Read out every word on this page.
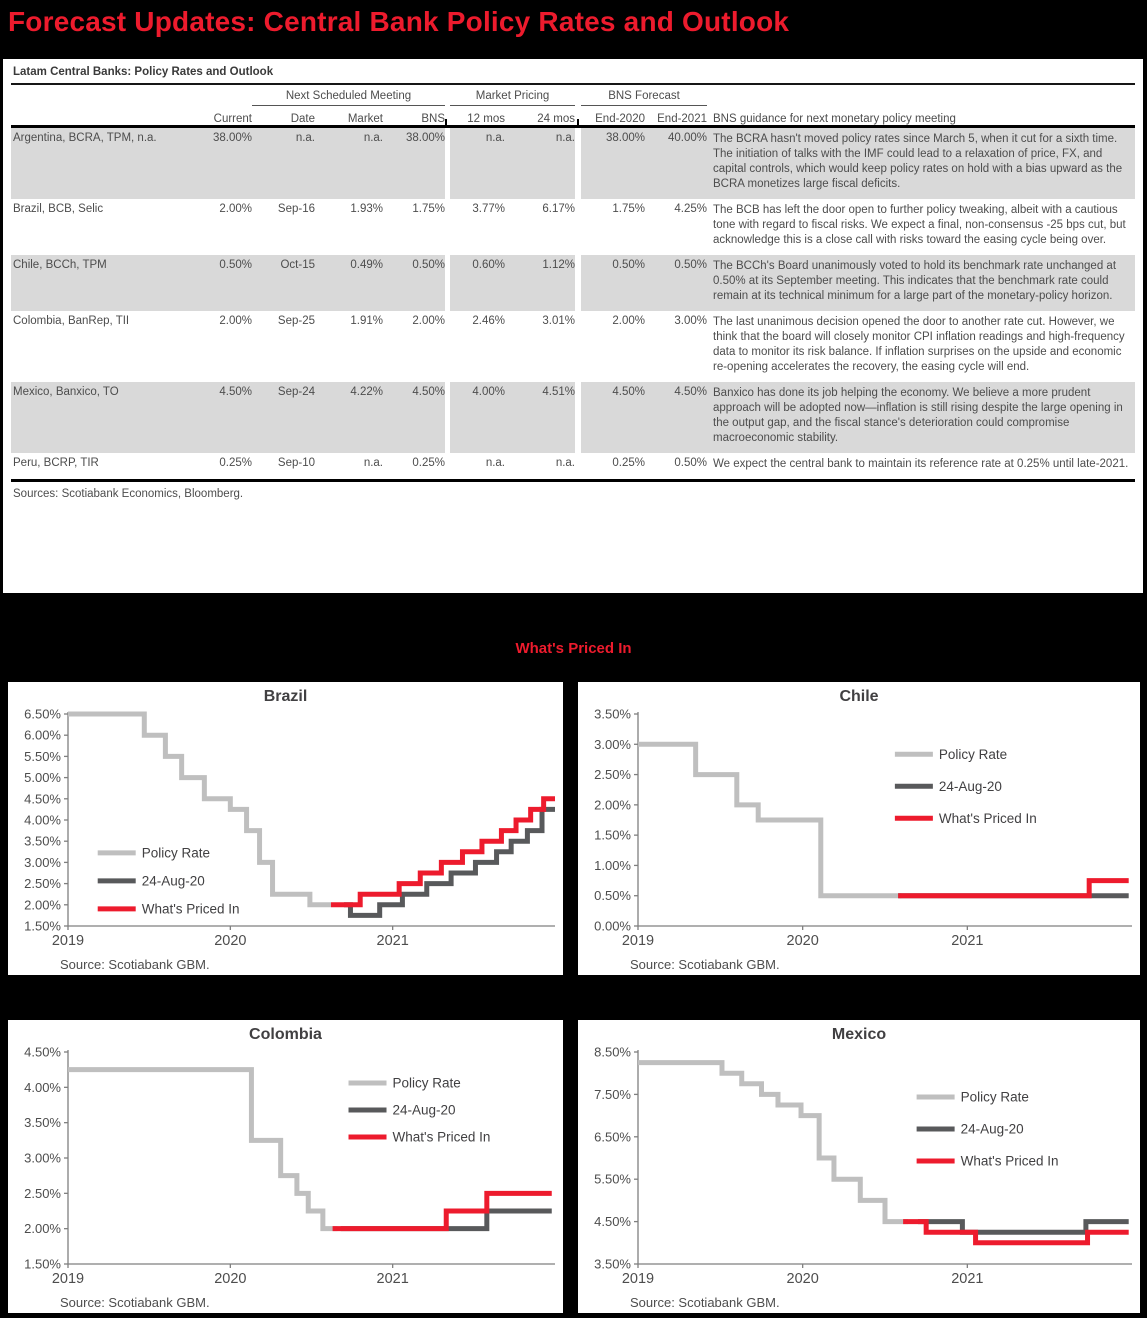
Forecast Updates: Central Bank Policy Rates and Outlook
Latam Central Banks: Policy Rates and Outlook
Next Scheduled Meeting	Market Pricing	BNS Forecast
Current	Date	Market	BNS	12 mos	24 mos	End-2020	End-2021 BNS guidance for next monetary policy meeting
Argentina, BCRA, TPM, n.a.	38.00%	n.a.	n.a.	38.00%	n.a.	n.a.	38.00%	40.00% The BCRA hasn't moved policy rates since March 5, when it cut for a sixth time. The initiation of talks with the IMF could lead to a relaxation of price, FX, and capital controls, which would keep policy rates on hold with a bias upward as the BCRA monetizes large fiscal deficits.
Brazil, BCB, Selic	2.00%	Sep-16	1.93%	1.75%	3.77%	6.17%	1.75%	4.25% The BCB has left the door open to further policy tweaking, albeit with a cautious tone with regard to fiscal risks. We expect a final, non-consensus -25 bps cut, but acknowledge this is a close call with risks toward the easing cycle being over.
Chile, BCCh, TPM	0.50%	Oct-15	0.49%	0.50%	0.60%	1.12%	0.50%	0.50% The BCCh's Board unanimously voted to hold its benchmark rate unchanged at 0.50% at its September meeting. This indicates that the benchmark rate could remain at its technical minimum for a large part of the monetary-policy horizon.
Colombia, BanRep, TII	2.00%	Sep-25	1.91%	2.00%	2.46%	3.01%	2.00%	3.00% The last unanimous decision opened the door to another rate cut. However, we think that the board will closely monitor CPI inflation readings and high-frequency data to monitor its risk balance. If inflation surprises on the upside and economic re-opening accelerates the recovery, the easing cycle will end.
Mexico, Banxico, TO	4.50%	Sep-24	4.22%	4.50%	4.00%	4.51%	4.50%	4.50% Banxico has done its job helping the economy. We believe a more prudent approach will be adopted now—inflation is still rising despite the large opening in the output gap, and the fiscal stance's deterioration could compromise macroeconomic stability.
Peru, BCRP, TIR	0.25%	Sep-10	n.a.	0.25%	n.a.	n.a.	0.25%	0.50% We expect the central bank to maintain its reference rate at 0.25% until late-2021.
Sources: Scotiabank Economics, Bloomberg.
What's Priced In
1.50%
2.00%
2.50%
3.00%
3.50%
4.00%
4.50%
5.00%
5.50%
6.00%
6.50%
2019	2020	2021
Policy Rate
24-Aug-20
What's Priced In
Brazil
Source: Scotiabank GBM.
0.00%
0.50%
1.00%
1.50%
2.00%
2.50%
3.00%
3.50%
2019	2020	2021
Policy Rate
24-Aug-20
What's Priced In
Chile
Source: Scotiabank GBM.
1.50%
2.00%
2.50%
3.00%
3.50%
4.00%
4.50%
2019	2020	2021
Policy Rate
24-Aug-20
What's Priced In
Colombia
Source: Scotiabank GBM.
3.50%
4.50%
5.50%
6.50%
7.50%
8.50%
2019	2020	2021
Policy Rate
24-Aug-20
What's Priced In
Mexico
Source: Scotiabank GBM.
